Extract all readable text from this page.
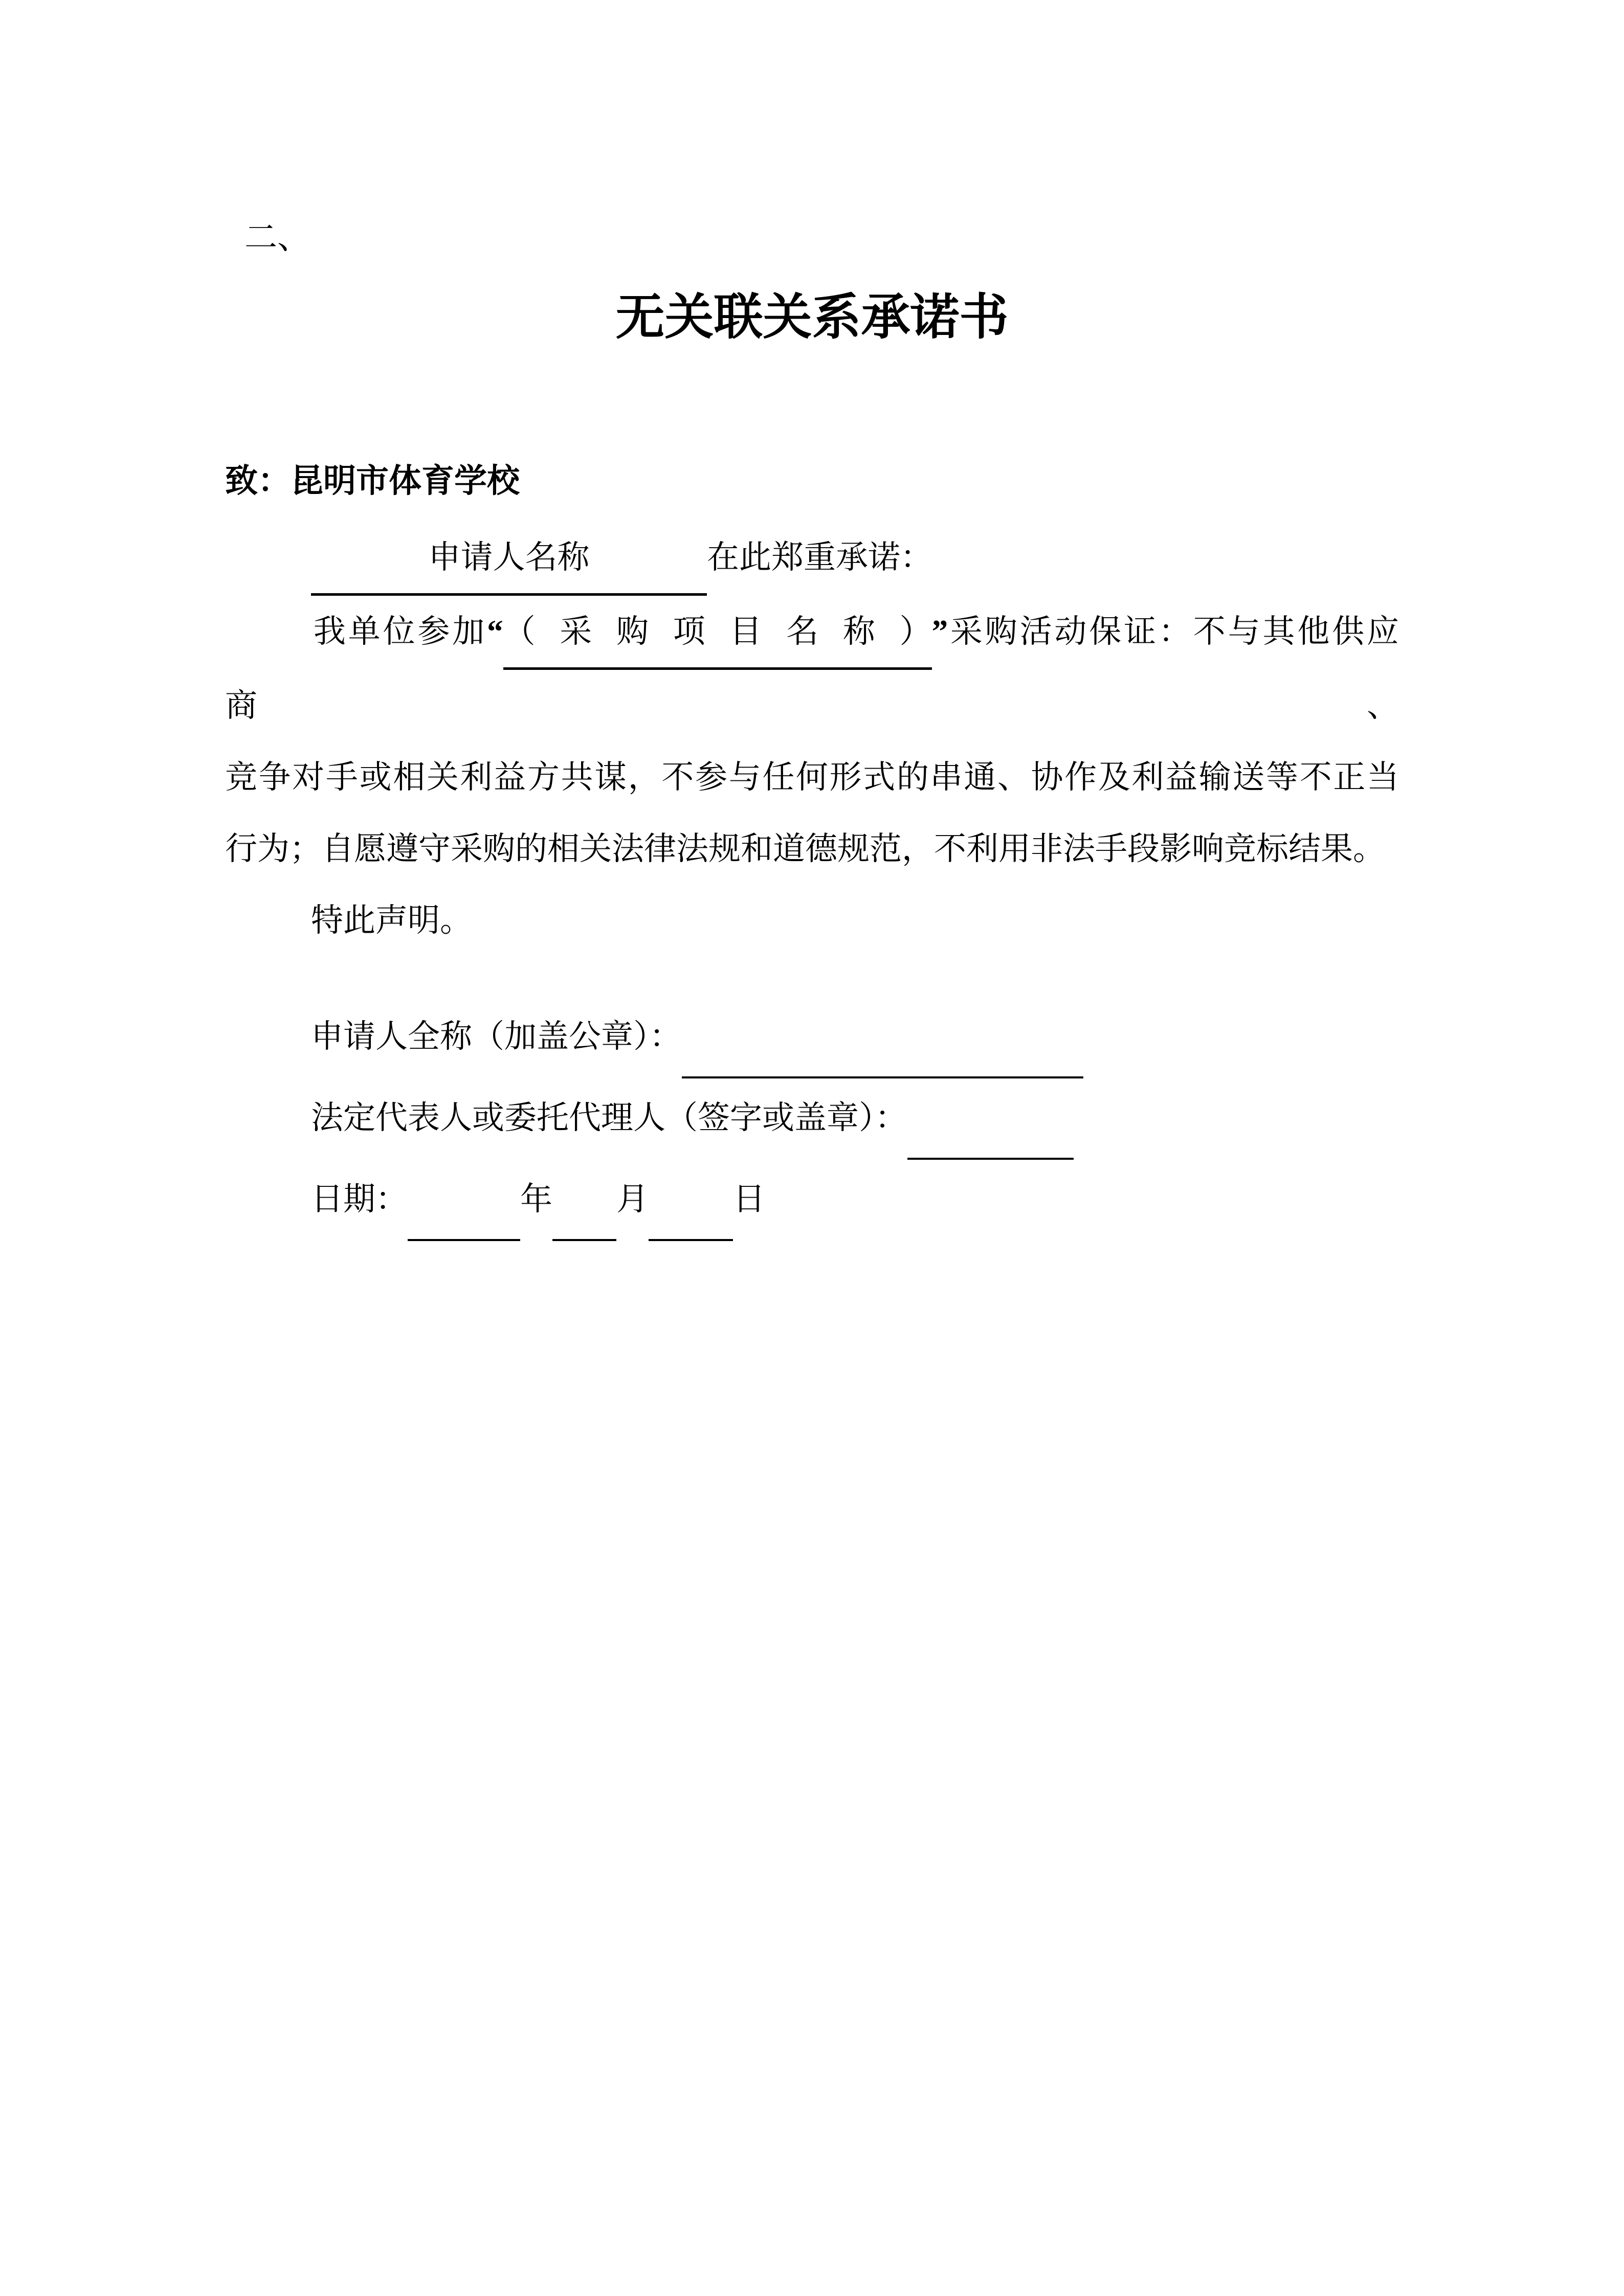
二、
无关联关系承诺书
致：昆明市体育学校
申请人名称	在此郑重承诺：
我单位参加“（采购项目名称）”采购活动保证：不与其他供应商、
竞争对手或相关利益方共谋，不参与任何形式的串通、协作及利益输送等不正当
行为；自愿遵守采购的相关法律法规和道德规范，不利用非法手段影响竞标结果。
特此声明。
申请人全称（加盖公章）：
法定代表人或委托代理人（签字或盖章）：
日期：	年 月	日
